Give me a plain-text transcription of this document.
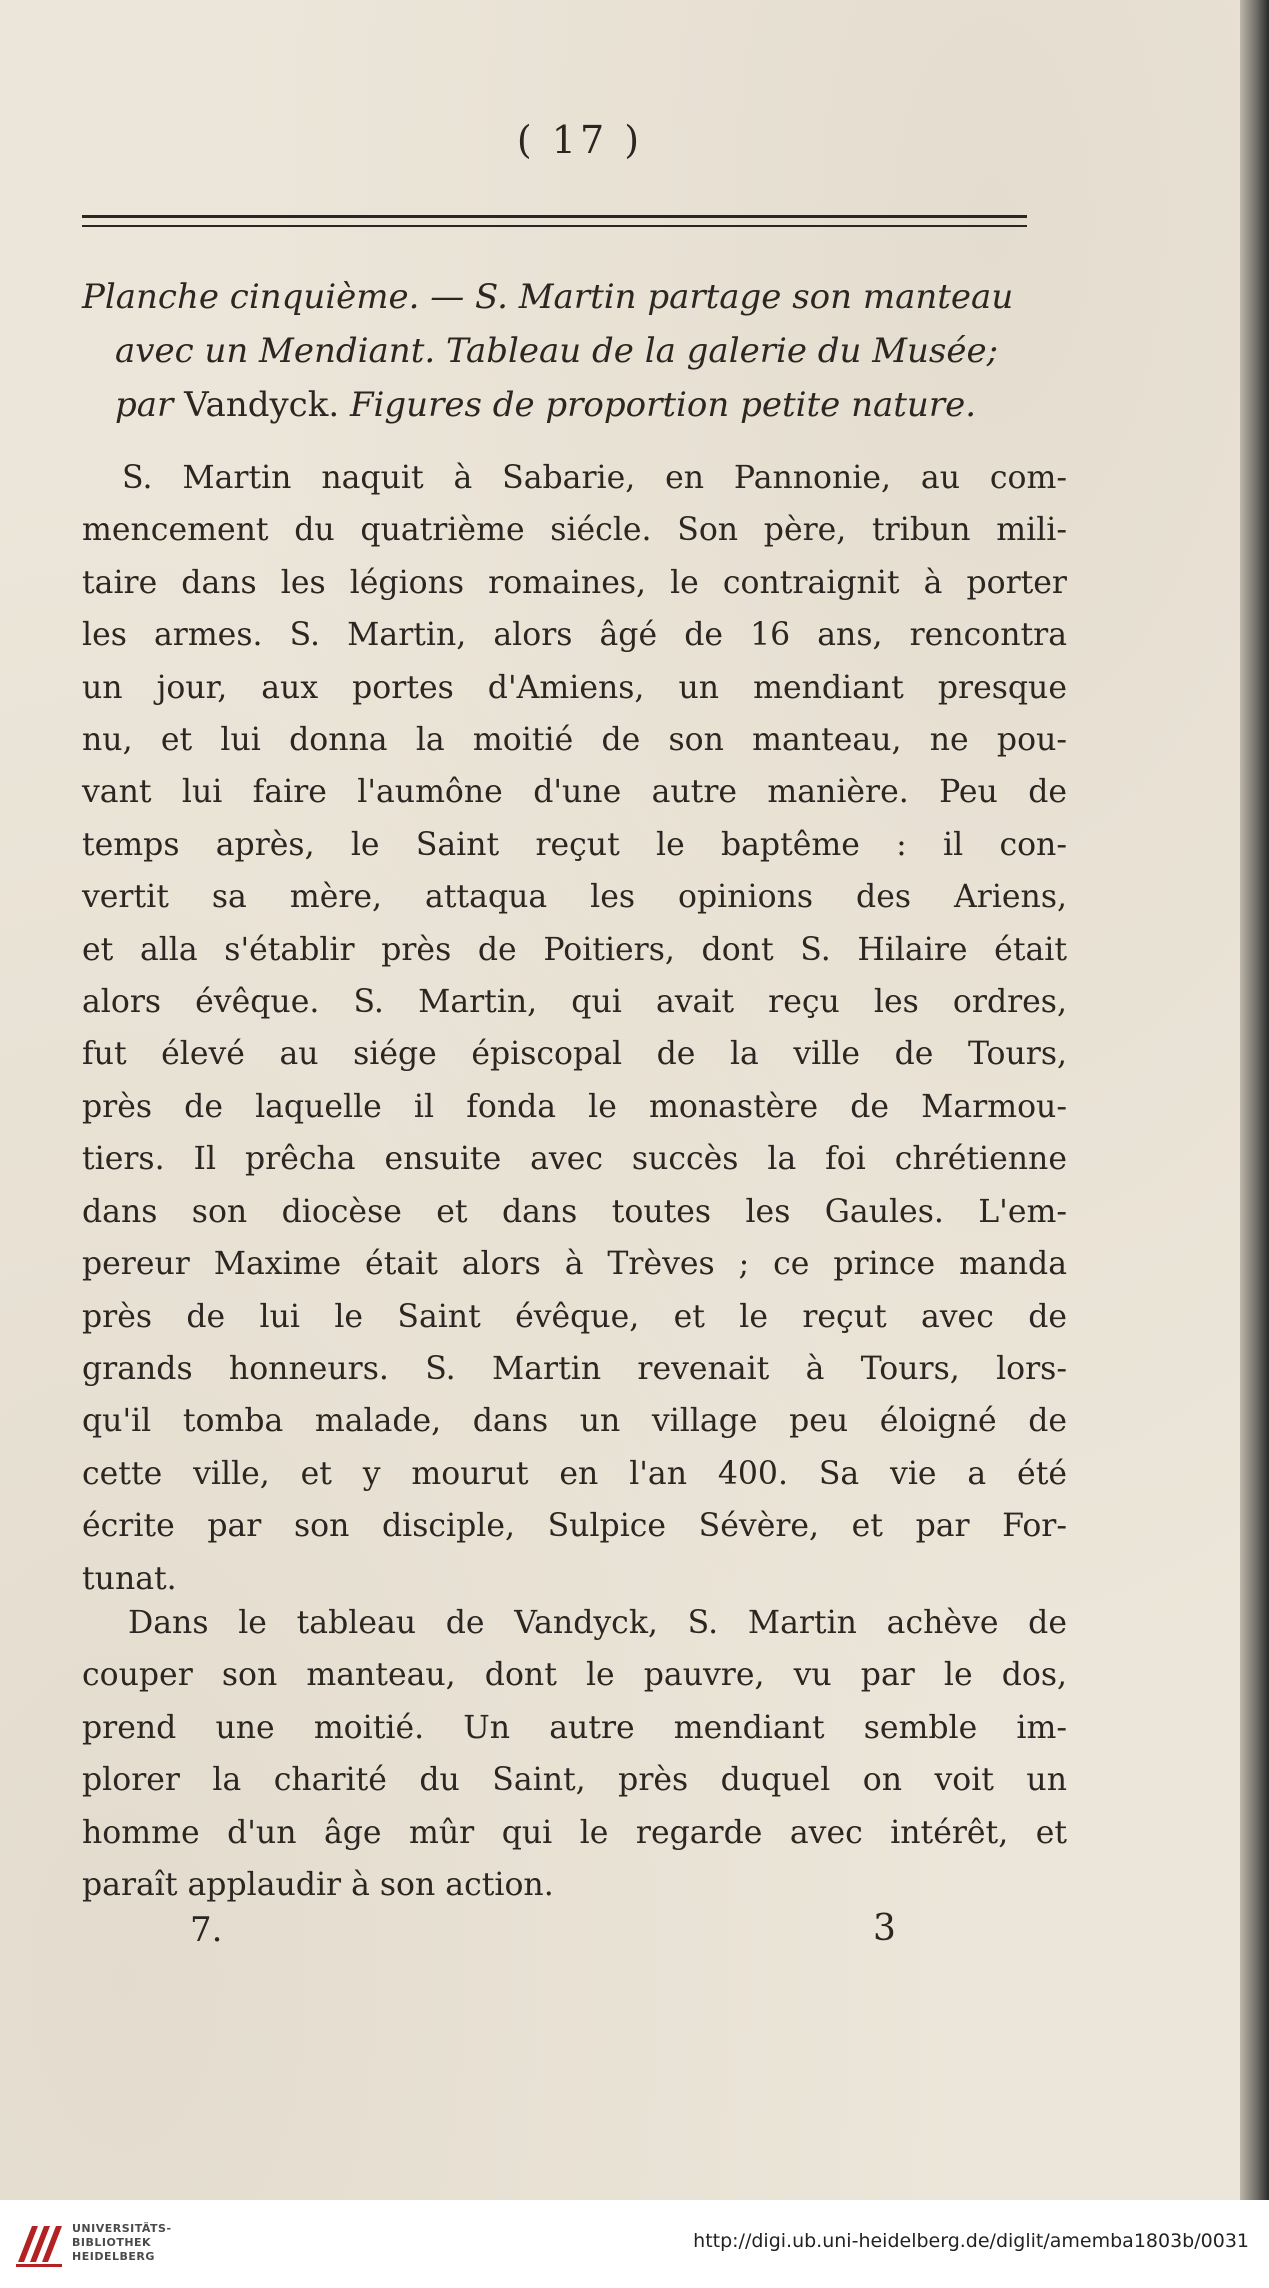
( 17 )
Planche cinquième. — S. Martin partage son manteau
avec un Mendiant. Tableau de la galerie du Musée;
par Vandyck. Figures de proportion petite nature.
S. Martin naquit à Sabarie, en Pannonie, au com-
mencement du quatrième siécle. Son père, tribun mili-
taire dans les légions romaines, le contraignit à porter
les armes. S. Martin, alors âgé de 16 ans, rencontra
un jour, aux portes d'Amiens, un mendiant presque
nu, et lui donna la moitié de son manteau, ne pou-
vant lui faire l'aumône d'une autre manière. Peu de
temps après, le Saint reçut le baptême : il con-
vertit sa mère, attaqua les opinions des Ariens,
et alla s'établir près de Poitiers, dont S. Hilaire était
alors évêque. S. Martin, qui avait reçu les ordres,
fut élevé au siége épiscopal de la ville de Tours,
près de laquelle il fonda le monastère de Marmou-
tiers. Il prêcha ensuite avec succès la foi chrétienne
dans son diocèse et dans toutes les Gaules. L'em-
pereur Maxime était alors à Trèves ; ce prince manda
près de lui le Saint évêque, et le reçut avec de
grands honneurs. S. Martin revenait à Tours, lors-
qu'il tomba malade, dans un village peu éloigné de
cette ville, et y mourut en l'an 400. Sa vie a été
écrite par son disciple, Sulpice Sévère, et par For-
tunat.
Dans le tableau de Vandyck, S. Martin achève de
couper son manteau, dont le pauvre, vu par le dos,
prend une moitié. Un autre mendiant semble im-
plorer la charité du Saint, près duquel on voit un
homme d'un âge mûr qui le regarde avec intérêt, et
paraît applaudir à son action.
7.	3
UNIVERSITÄTS-
BIBLIOTHEK
HEIDELBERG
http://digi.ub.uni-heidelberg.de/diglit/amemba1803b/0031
